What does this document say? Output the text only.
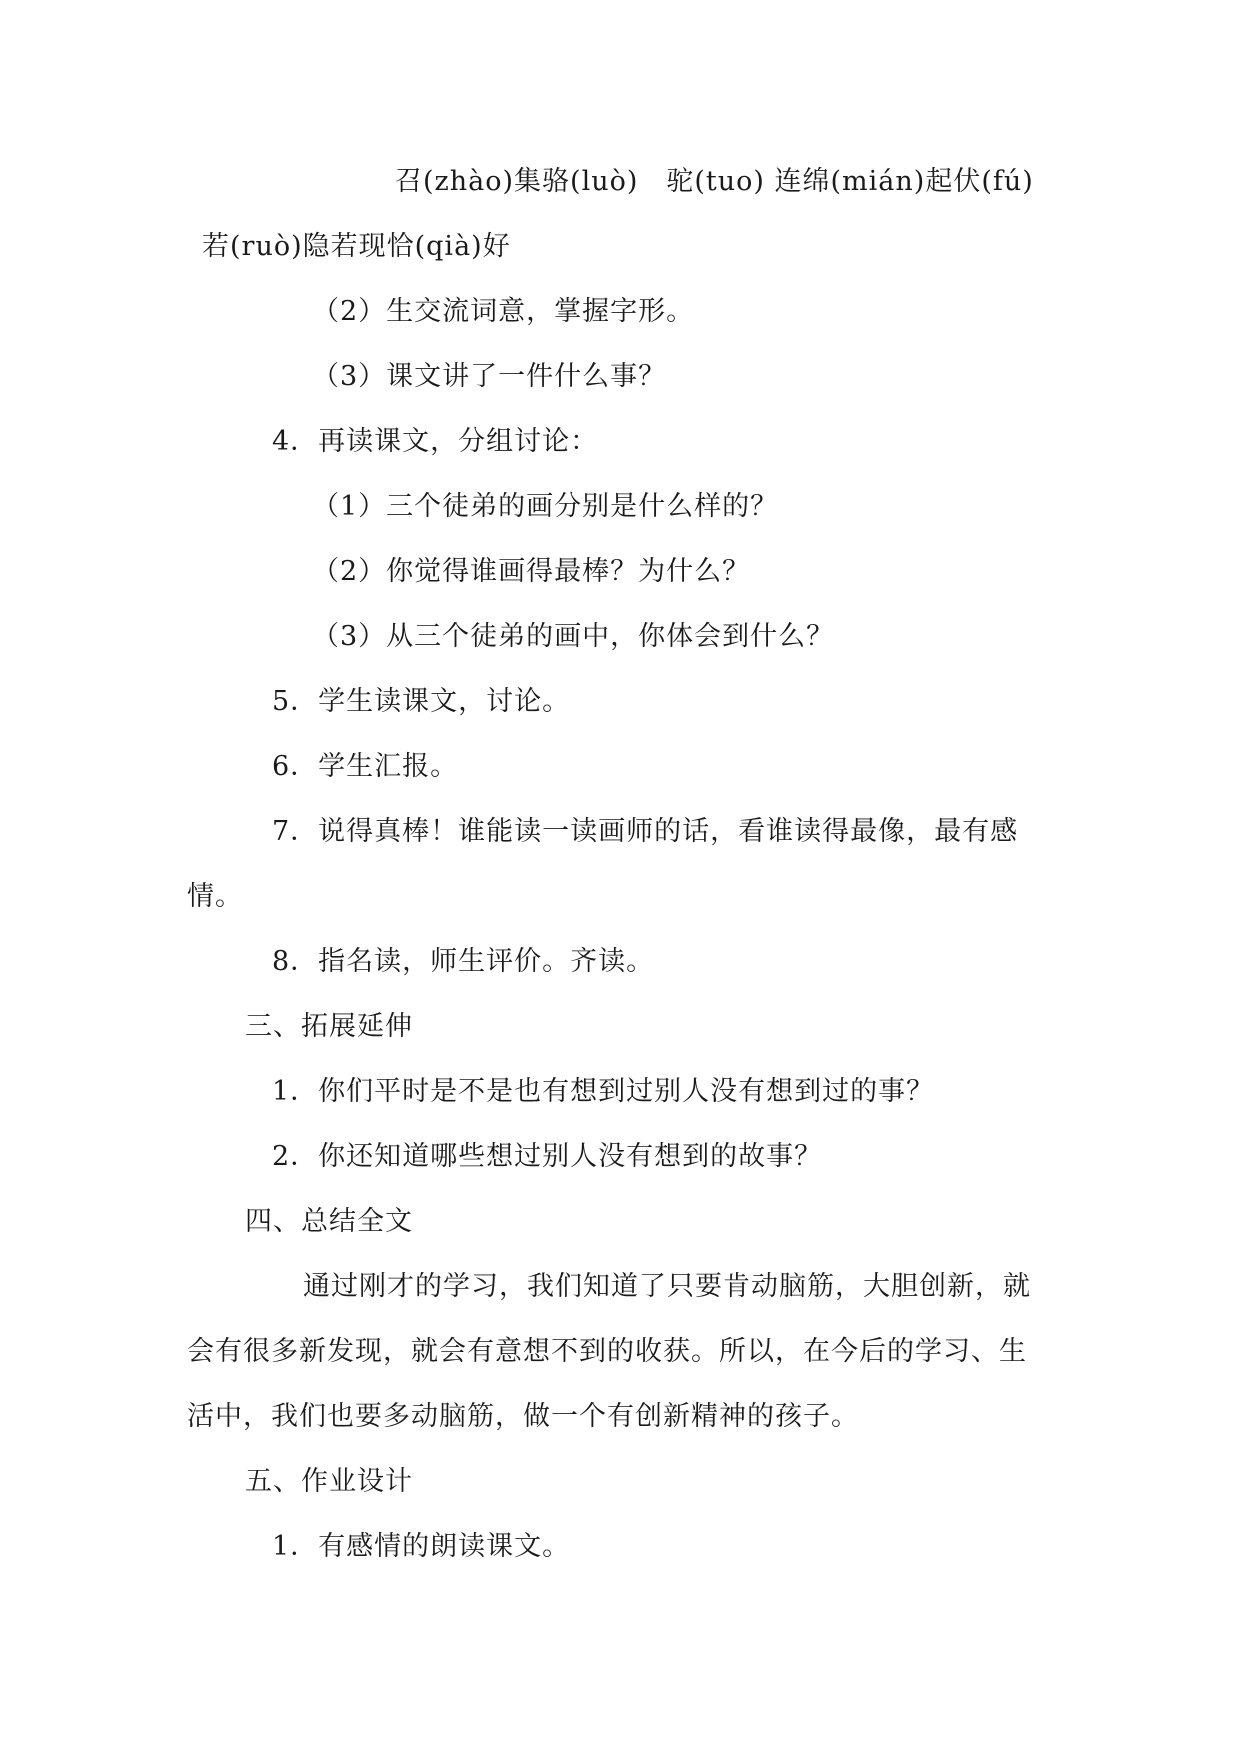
召(zhào)集骆(luò)　驼(tuo) 连绵(mián)起伏(fú)
若(ruò)隐若现恰(qià)好
（2）生交流词意，掌握字形。
（3）课文讲了一件什么事？
4．再读课文，分组讨论：
（1）三个徒弟的画分别是什么样的？
（2）你觉得谁画得最棒？为什么？
（3）从三个徒弟的画中，你体会到什么？
5．学生读课文，讨论。
6．学生汇报。
7．说得真棒！谁能读一读画师的话，看谁读得最像，最有感
情。
8．指名读，师生评价。齐读。
三、拓展延伸
1．你们平时是不是也有想到过别人没有想到过的事？
2．你还知道哪些想过别人没有想到的故事？
四、总结全文
通过刚才的学习，我们知道了只要肯动脑筋，大胆创新，就
会有很多新发现，就会有意想不到的收获。所以，在今后的学习、生
活中，我们也要多动脑筋，做一个有创新精神的孩子。
五、作业设计
1．有感情的朗读课文。
